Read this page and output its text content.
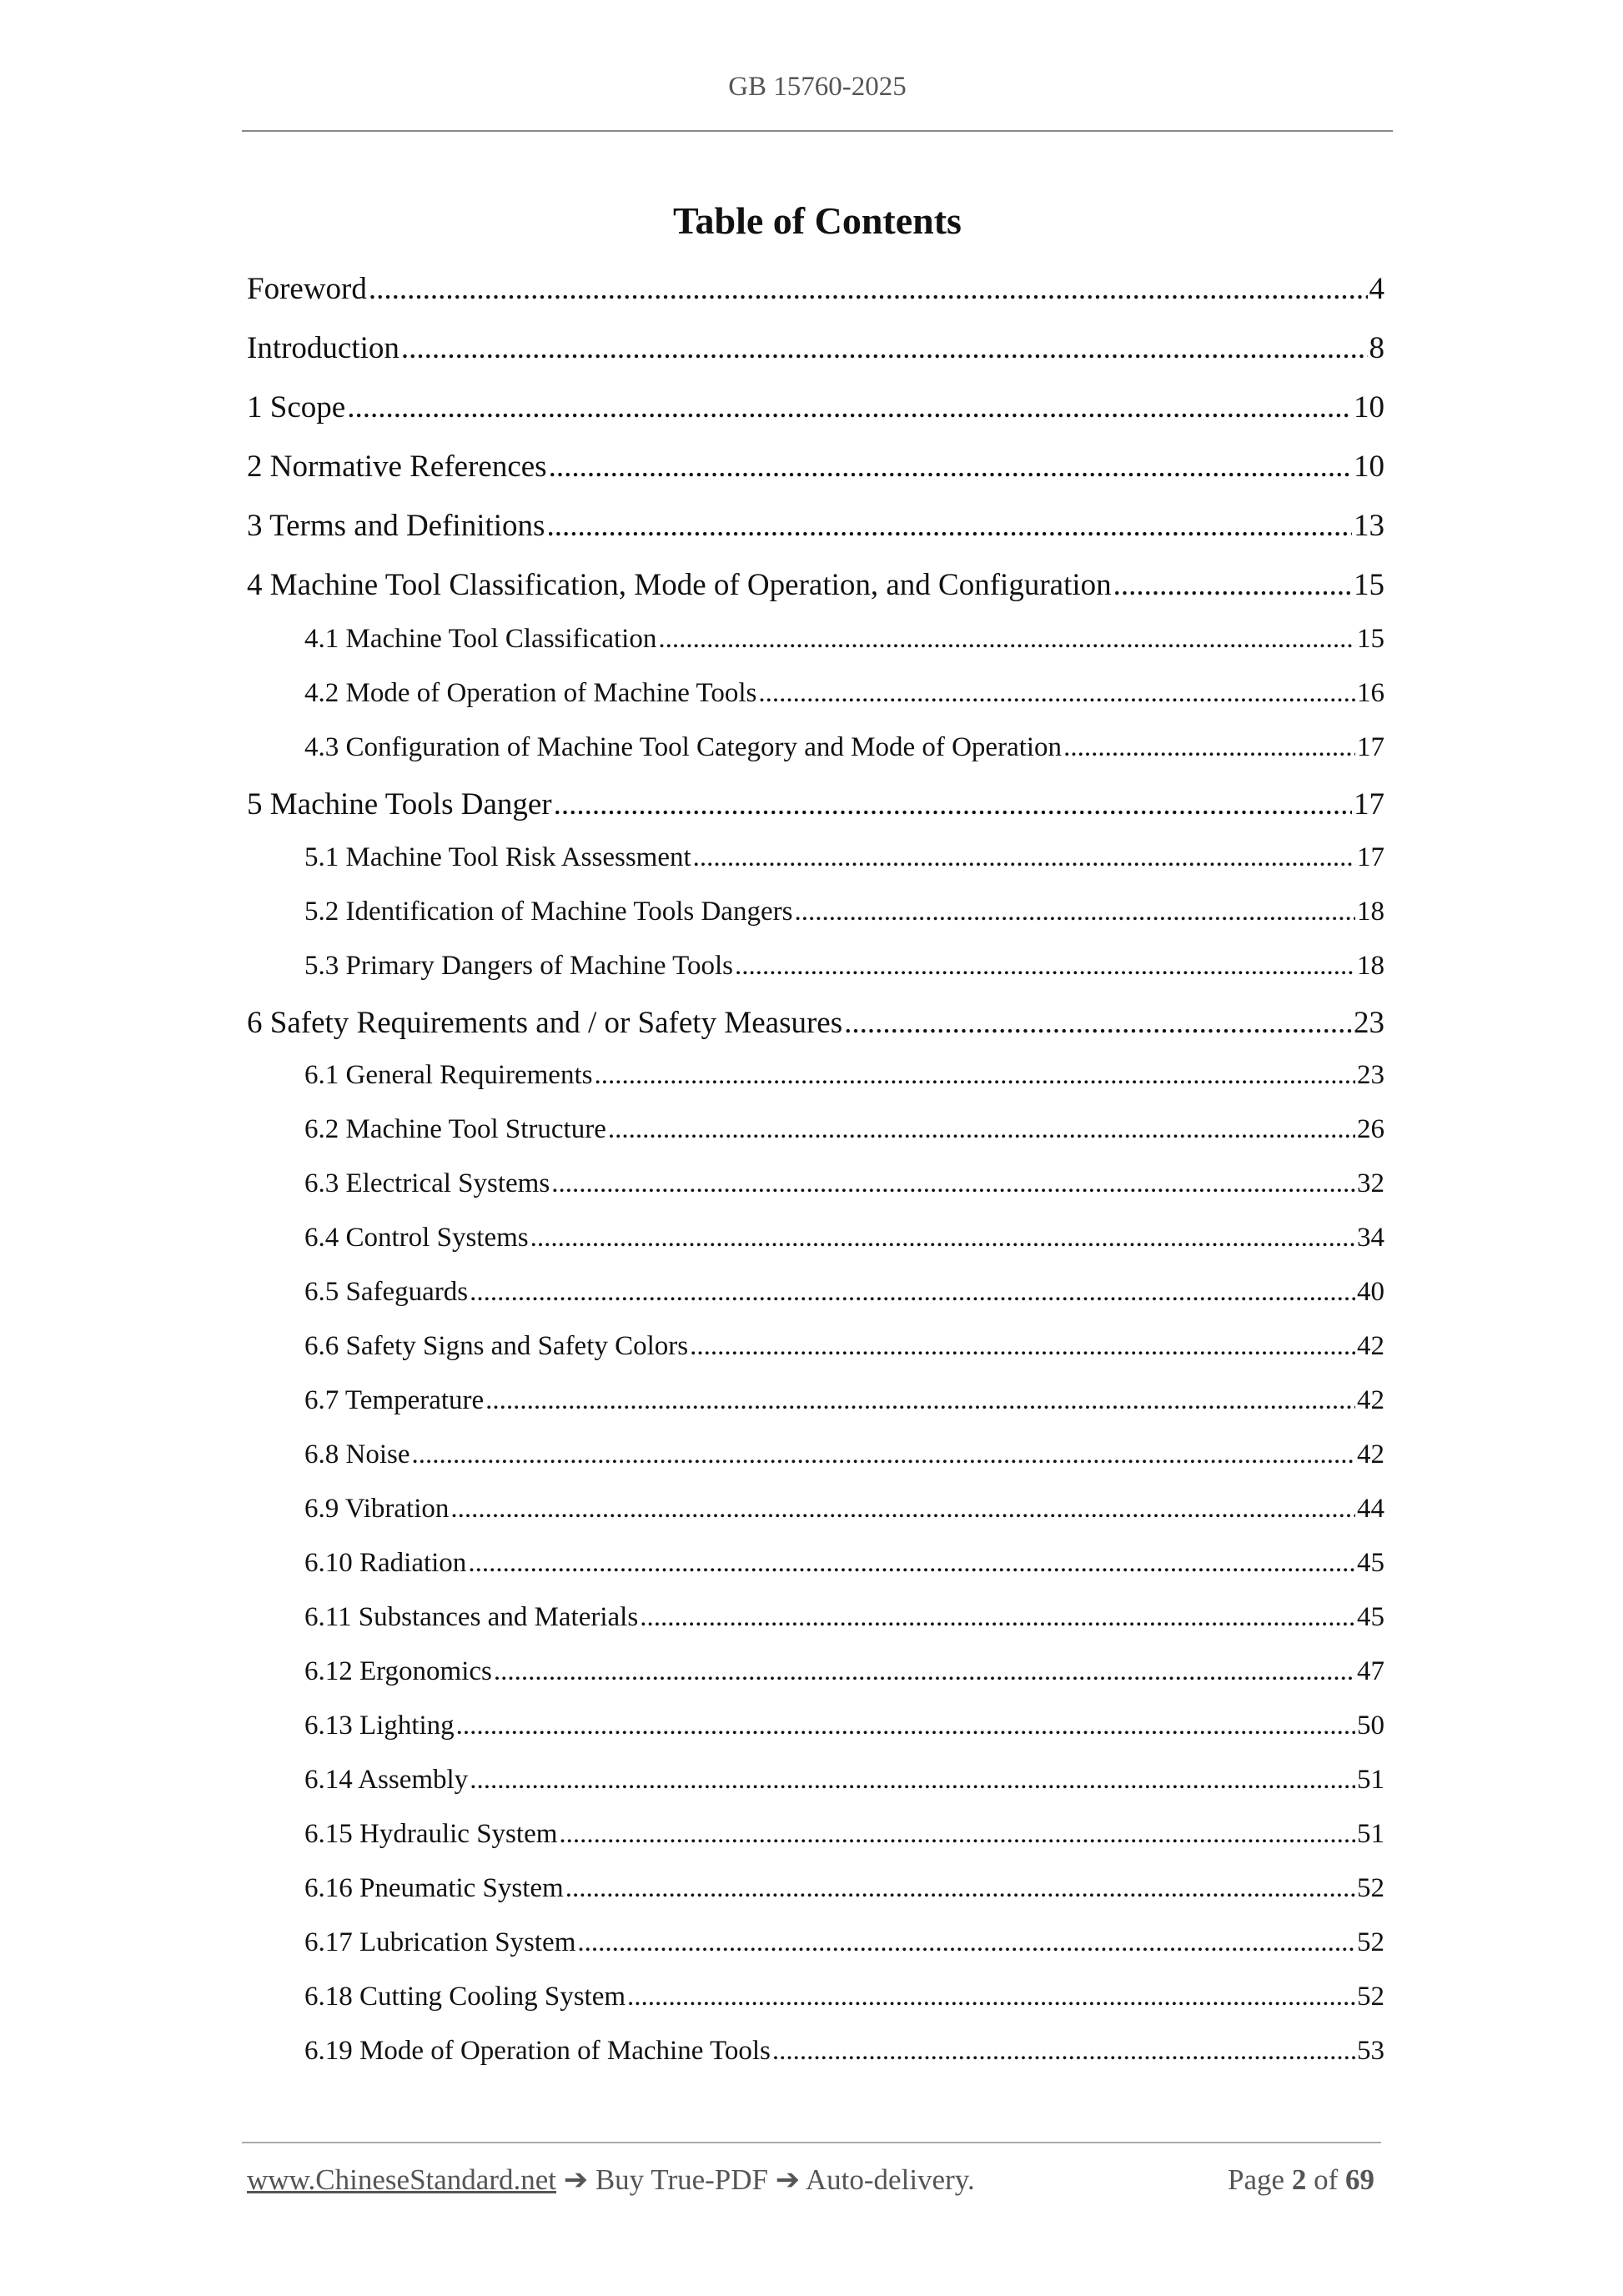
GB 15760-2025
Table of Contents
Foreword .....	4
Introduction .....	8
1 Scope .....	10
2 Normative References .....	10
3 Terms and Definitions .....	13
4 Machine Tool Classification, Mode of Operation, and Configuration .....	15
4.1 Machine Tool Classification .....	15
4.2 Mode of Operation of Machine Tools .....	16
4.3 Configuration of Machine Tool Category and Mode of Operation .....	17
5 Machine Tools Danger .....	17
5.1 Machine Tool Risk Assessment .....	17
5.2 Identification of Machine Tools Dangers .....	18
5.3 Primary Dangers of Machine Tools .....	18
6 Safety Requirements and / or Safety Measures .....	23
6.1 General Requirements .....	23
6.2 Machine Tool Structure .....	26
6.3 Electrical Systems .....	32
6.4 Control Systems .....	34
6.5 Safeguards .....	40
6.6 Safety Signs and Safety Colors .....	42
6.7 Temperature .....	42
6.8 Noise .....	42
6.9 Vibration .....	44
6.10 Radiation .....	45
6.11 Substances and Materials .....	45
6.12 Ergonomics .....	47
6.13 Lighting .....	50
6.14 Assembly .....	51
6.15 Hydraulic System .....	51
6.16 Pneumatic System .....	52
6.17 Lubrication System .....	52
6.18 Cutting Cooling System .....	52
6.19 Mode of Operation of Machine Tools .....	53
www.ChineseStandard.net ➔ Buy True-PDF ➔ Auto-delivery.	Page 2 of 69
